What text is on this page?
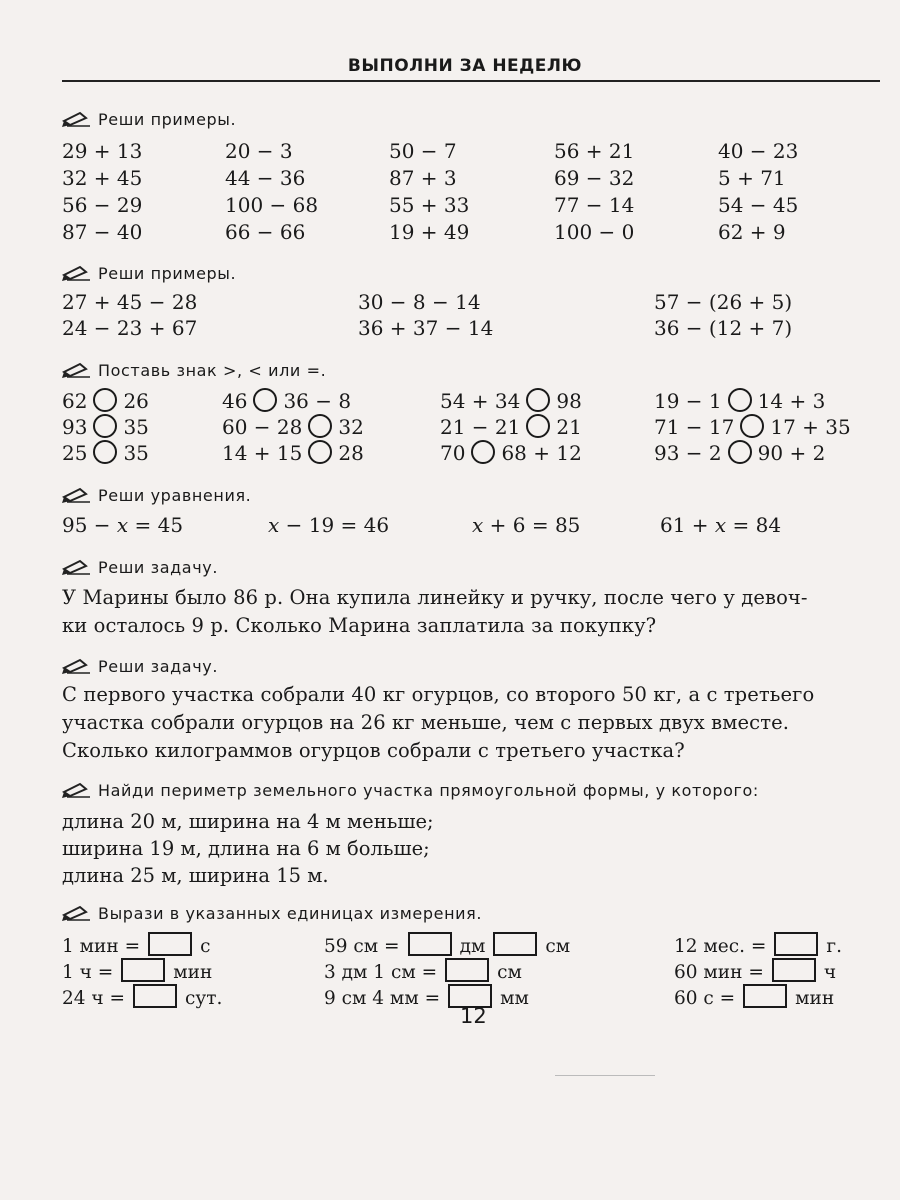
ВЫПОЛНИ ЗА НЕДЕЛЮ
Реши примеры.
29 + 13	20 − 3	50 − 7	56 + 21	40 − 23
32 + 45	44 − 36	87 + 3	69 − 32	5 + 71
56 − 29	100 − 68	55 + 33	77 − 14	54 − 45
87 − 40	66 − 66	19 + 49	100 − 0	62 + 9
Реши примеры.
27 + 45 − 28	30 − 8 − 14	57 − (26 + 5)
24 − 23 + 67	36 + 37 − 14	36 − (12 + 7)
Поставь знак >, < или =.
62 26	46 36 − 8	54 + 34 98	19 − 1 14 + 3
93 35	60 − 28 32	21 − 21 21	71 − 17 17 + 35
25 35	14 + 15 28	70 68 + 12	93 − 2 90 + 2
Реши уравнения.
95 − x = 45	x − 19 = 46	x + 6 = 85	61 + x = 84
Реши задачу.
У Марины было 86 р. Она купила линейку и ручку, после чего у девоч-
ки осталось 9 р. Сколько Марина заплатила за покупку?
Реши задачу.
С первого участка собрали 40 кг огурцов, со второго 50 кг, а с третьего
участка собрали огурцов на 26 кг меньше, чем с первых двух вместе.
Сколько килограммов огурцов собрали с третьего участка?
Найди периметр земельного участка прямоугольной формы, у которого:
длина 20 м, ширина на 4 м меньше;
ширина 19 м, длина на 6 м больше;
длина 25 м, ширина 15 м.
Вырази в указанных единицах измерения.
1 мин =	с	59 см =	дм	см	12 мес. =	г.
1 ч =	мин	3 дм 1 см =	см	60 мин =	ч
24 ч =	сут.	9 см 4 мм =	мм	60 с =	мин
12
